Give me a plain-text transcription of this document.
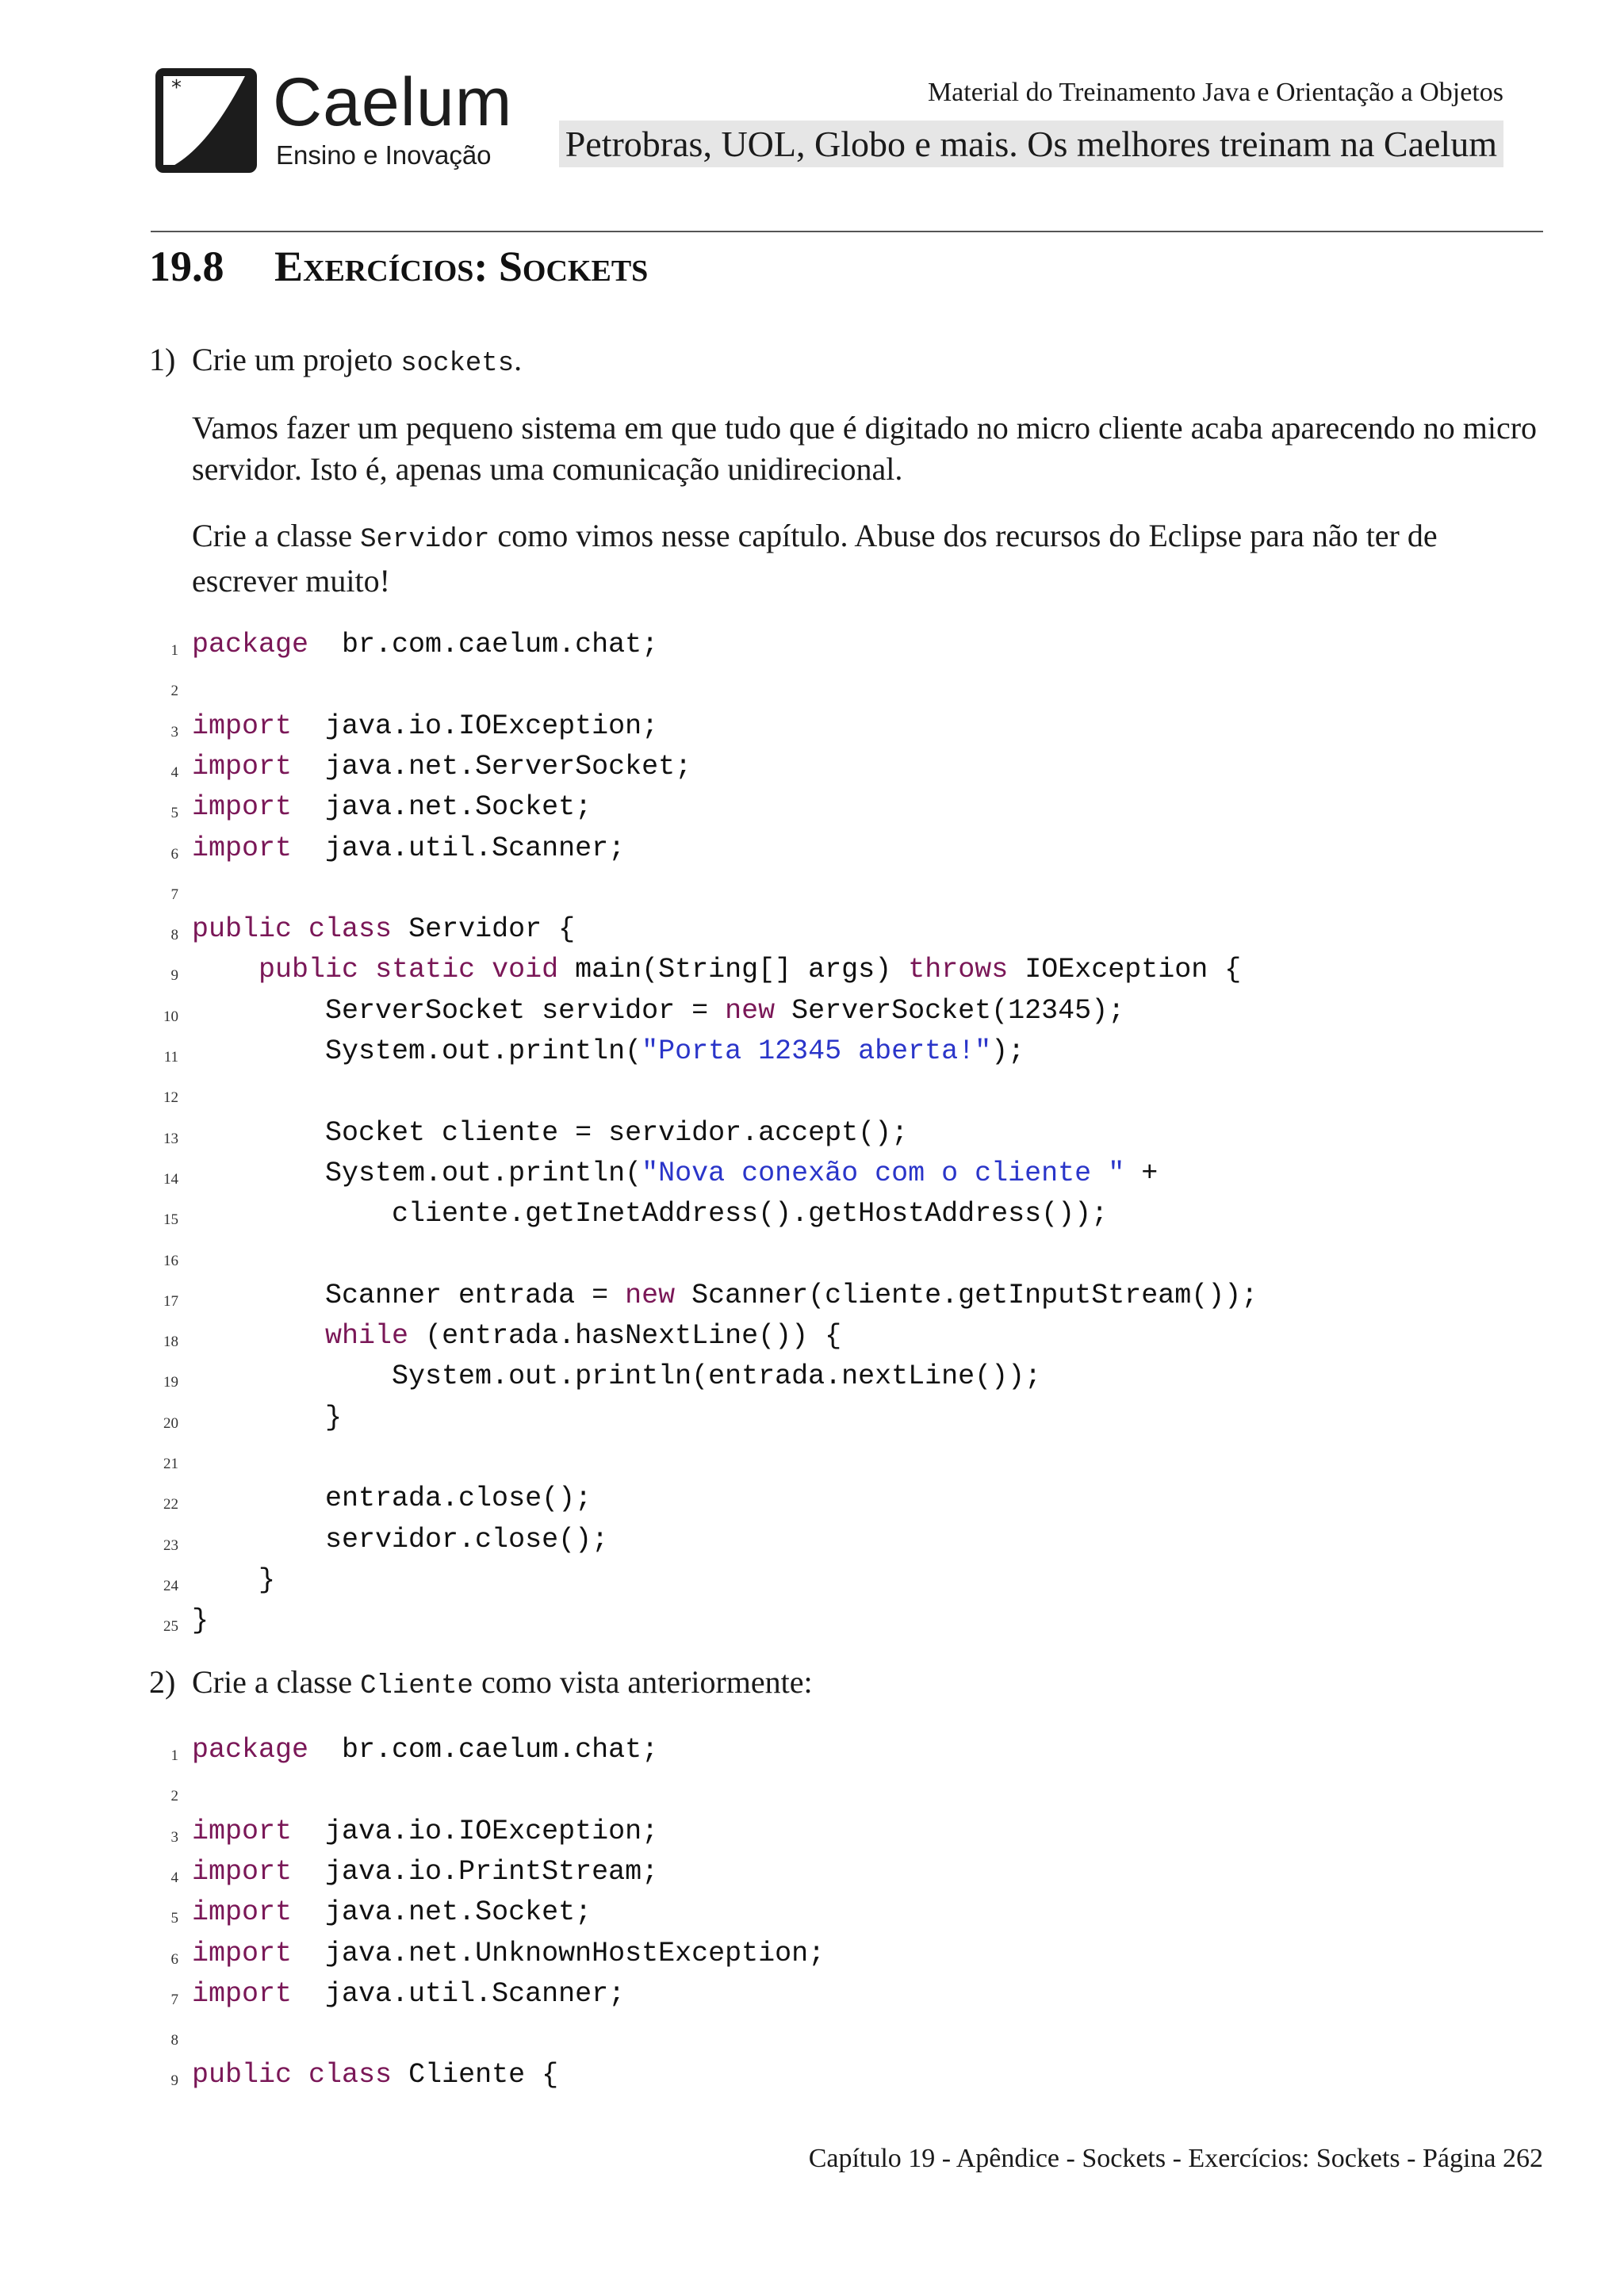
* Caelum
Ensino e Inovação
Material do Treinamento Java e Orientação a Objetos
Petrobras, UOL, Globo e mais. Os melhores treinam na Caelum
19.8 Exercícios: Sockets
1) Crie um projeto sockets.

Vamos fazer um pequeno sistema em que tudo que é digitado no micro cliente acaba aparecendo no micro servidor. Isto é, apenas uma comunicação unidirecional.

Crie a classe Servidor como vimos nesse capítulo. Abuse dos recursos do Eclipse para não ter de escrever muito!

1 package  br.com.caelum.chat;
2
3 import  java.io.IOException;
4 import  java.net.ServerSocket;
5 import  java.net.Socket;
6 import  java.util.Scanner;
7
8 public class Servidor {
9	public static void main(String[] args) throws IOException {
10 ServerSocket servidor = new ServerSocket(12345);
11 System.out.println("Porta 12345 aberta!");
12
13 Socket cliente = servidor.accept();
14 System.out.println("Nova conexão com o cliente " +
15 cliente.getInetAddress().getHostAddress());
16
17 Scanner entrada = new Scanner(cliente.getInputStream());
18	while (entrada.hasNextLine()) {
19 System.out.println(entrada.nextLine());
20 }
21
22 entrada.close();
23 servidor.close();
24 }
25 }
2) Crie a classe Cliente como vista anteriormente:
1 package  br.com.caelum.chat;
2
3 import  java.io.IOException;
4 import  java.io.PrintStream;
5 import  java.net.Socket;
6 import  java.net.UnknownHostException;
7 import  java.util.Scanner;
8
9 public class Cliente {
Capítulo 19 - Apêndice - Sockets - Exercícios: Sockets - Página 262
